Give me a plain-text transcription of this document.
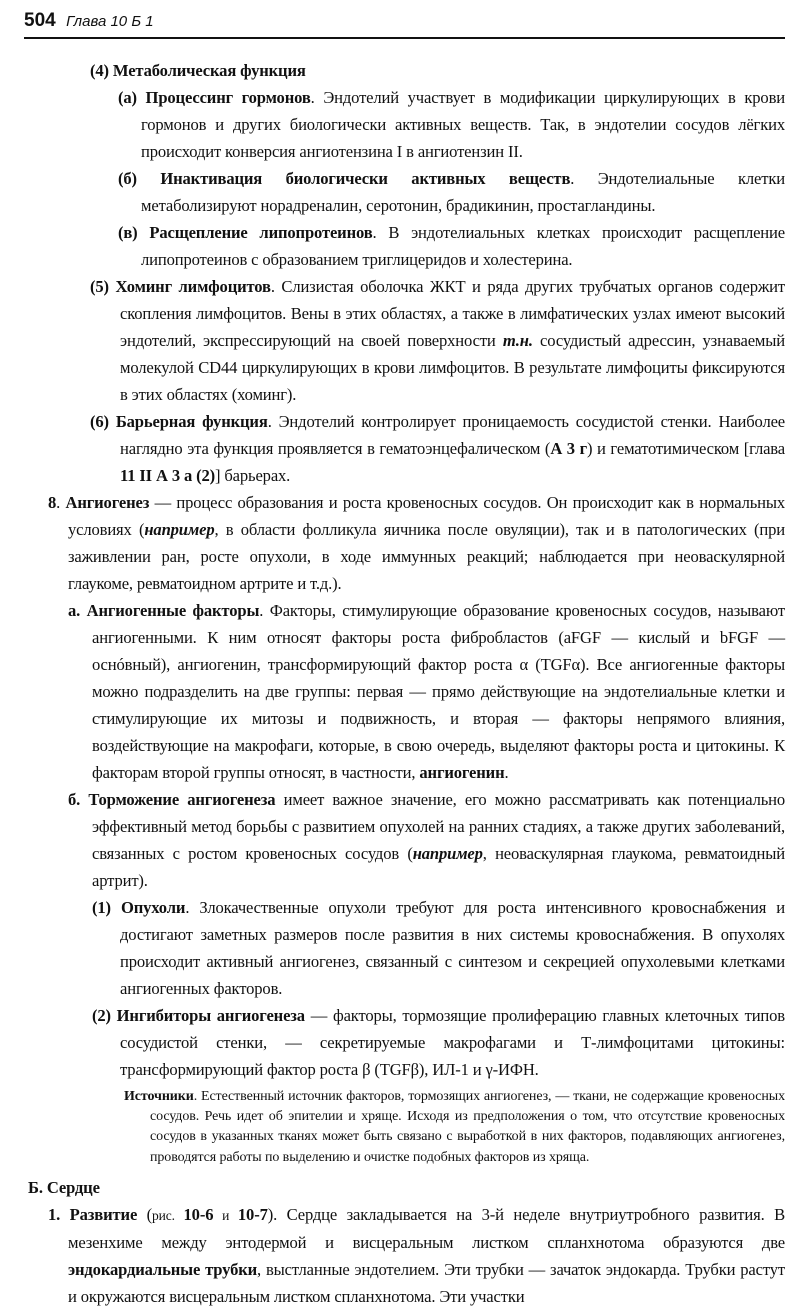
504 Глава 10 Б 1
(4) Метаболическая функция
(а) Процессинг гормонов. Эндотелий участвует в модификации циркулирующих в крови гормонов и других биологически активных веществ. Так, в эндотелии сосудов лёгких происходит конверсия ангиотензина I в ангиотензин II.
(б) Инактивация биологически активных веществ. Эндотелиальные клетки метаболизируют норадреналин, серотонин, брадикинин, простагландины.
(в) Расщепление липопротеинов. В эндотелиальных клетках происходит расщепление липопротеинов с образованием триглицеридов и холестерина.
(5) Хоминг лимфоцитов. Слизистая оболочка ЖКТ и ряда других трубчатых органов содержит скопления лимфоцитов. Вены в этих областях, а также в лимфатических узлах имеют высокий эндотелий, экспрессирующий на своей поверхности т.н. сосудистый адрессин, узнаваемый молекулой CD44 циркулирующих в крови лимфоцитов. В результате лимфоциты фиксируются в этих областях (хоминг).
(6) Барьерная функция. Эндотелий контролирует проницаемость сосудистой стенки. Наиболее наглядно эта функция проявляется в гематоэнцефалическом (А 3 г) и гематотимическом [глава 11 II А 3 а (2)] барьерах.
8. Ангиогенез — процесс образования и роста кровеносных сосудов. Он происходит как в нормальных условиях (например, в области фолликула яичника после овуляции), так и в патологических (при заживлении ран, росте опухоли, в ходе иммунных реакций; наблюдается при неоваскулярной глаукоме, ревматоидном артрите и т.д.).
а. Ангиогенные факторы. Факторы, стимулирующие образование кровеносных сосудов, называют ангиогенными. К ним относят факторы роста фибробластов (aFGF — кислый и bFGF — оснóвный), ангиогенин, трансформирующий фактор роста α (TGFα). Все ангиогенные факторы можно подразделить на две группы: первая — прямо действующие на эндотелиальные клетки и стимулирующие их митозы и подвижность, и вторая — факторы непрямого влияния, воздействующие на макрофаги, которые, в свою очередь, выделяют факторы роста и цитокины. К факторам второй группы относят, в частности, ангиогенин.
б. Торможение ангиогенеза имеет важное значение, его можно рассматривать как потенциально эффективный метод борьбы с развитием опухолей на ранних стадиях, а также других заболеваний, связанных с ростом кровеносных сосудов (например, неоваскулярная глаукома, ревматоидный артрит).
(1) Опухоли. Злокачественные опухоли требуют для роста интенсивного кровоснабжения и достигают заметных размеров после развития в них системы кровоснабжения. В опухолях происходит активный ангиогенез, связанный с синтезом и секрецией опухолевыми клетками ангиогенных факторов.
(2) Ингибиторы ангиогенеза — факторы, тормозящие пролиферацию главных клеточных типов сосудистой стенки, — секретируемые макрофагами и Т-лимфоцитами цитокины: трансформирующий фактор роста β (TGFβ), ИЛ-1 и γ-ИФН.
Источники. Естественный источник факторов, тормозящих ангиогенез, — ткани, не содержащие кровеносных сосудов. Речь идет об эпителии и хряще. Исходя из предположения о том, что отсутствие кровеносных сосудов в указанных тканях может быть связано с выработкой в них факторов, подавляющих ангиогенез, проводятся работы по выделению и очистке подобных факторов из хряща.
Б. Сердце
1. Развитие (рис. 10-6 и 10-7). Сердце закладывается на 3-й неделе внутриутробного развития. В мезенхиме между энтодермой и висцеральным листком спланхнотома образуются две эндокардиальные трубки, выстланные эндотелием. Эти трубки — зачаток эндокарда. Трубки растут и окружаются висцеральным листком спланхнотома. Эти участки
